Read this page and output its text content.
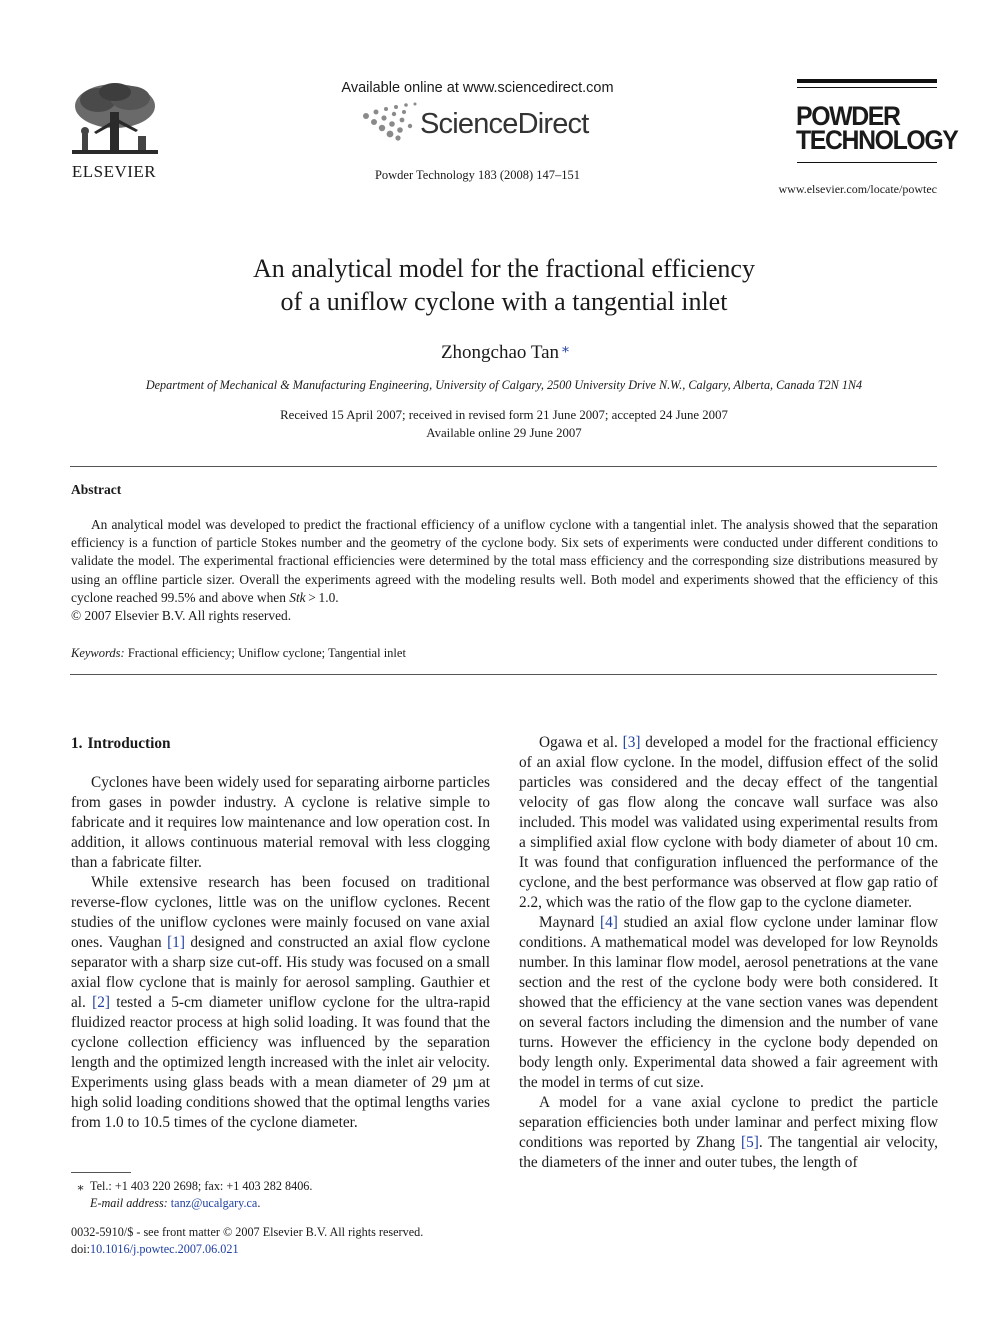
ELSEVIER
Available online at www.sciencedirect.com
ScienceDirect
Powder Technology 183 (2008) 147–151
POWDER
TECHNOLOGY
www.elsevier.com/locate/powtec
An analytical model for the fractional efficiency
of a uniflow cyclone with a tangential inlet
Zhongchao Tan ⁎
Department of Mechanical & Manufacturing Engineering, University of Calgary, 2500 University Drive N.W., Calgary, Alberta, Canada T2N 1N4
Received 15 April 2007; received in revised form 21 June 2007; accepted 24 June 2007
Available online 29 June 2007
Abstract

An analytical model was developed to predict the fractional efficiency of a uniflow cyclone with a tangential inlet. The analysis showed that the separation efficiency is a function of particle Stokes number and the geometry of the cyclone body. Six sets of experiments were conducted under different conditions to validate the model. The experimental fractional efficiencies were determined by the total mass efficiency and the corresponding size distributions measured by using an offline particle sizer. Overall the experiments agreed with the modeling results well. Both model and experiments showed that the efficiency of this cyclone reached 99.5% and above when Stk > 1.0.

© 2007 Elsevier B.V. All rights reserved.

Keywords: Fractional efficiency; Uniflow cyclone; Tangential inlet
1. Introduction

Cyclones have been widely used for separating airborne particles from gases in powder industry. A cyclone is relative simple to fabricate and it requires low maintenance and low operation cost. In addition, it allows continuous material removal with less clogging than a fabricate filter.

While extensive research has been focused on traditional reverse-flow cyclones, little was on the uniflow cyclones. Recent studies of the uniflow cyclones were mainly focused on vane axial ones. Vaughan [1] designed and constructed an axial flow cyclone separator with a sharp size cut-off. His study was focused on a small axial flow cyclone that is mainly for aerosol sampling. Gauthier et al. [2] tested a 5-cm diameter uniflow cyclone for the ultra-rapid fluidized reactor process at high solid loading. It was found that the cyclone collection efficiency was influenced by the separation length and the optimized length increased with the inlet air velocity. Experiments using glass beads with a mean diameter of 29 µm at high solid loading conditions showed that the optimal lengths varies from 1.0 to 10.5 times of the cyclone diameter.

Ogawa et al. [3] developed a model for the fractional efficiency of an axial flow cyclone. In the model, diffusion effect of the solid particles was considered and the decay effect of the tangential velocity of gas flow along the concave wall surface was also included. This model was validated using experimental results from a simplified axial flow cyclone with body diameter of about 10 cm. It was found that configuration influenced the performance of the cyclone, and the best performance was observed at flow gap ratio of 2.2, which was the ratio of the flow gap to the cyclone diameter.

Maynard [4] studied an axial flow cyclone under laminar flow conditions. A mathematical model was developed for low Reynolds number. In this laminar flow model, aerosol penetrations at the vane section and the rest of the cyclone body were both considered. It showed that the efficiency at the vane section vanes was dependent on several factors including the dimension and the number of vane turns. However the efficiency in the cyclone body depended on body length only. Experimental data showed a fair agreement with the model in terms of cut size.

A model for a vane axial cyclone to predict the particle separation efficiencies both under laminar and perfect mixing flow conditions was reported by Zhang [5]. The tangential air velocity, the diameters of the inner and outer tubes, the length of

⁎ Tel.: +1 403 220 2698; fax: +1 403 282 8406.
E-mail address: tanz@ucalgary.ca.
0032-5910/$ - see front matter © 2007 Elsevier B.V. All rights reserved.
doi:10.1016/j.powtec.2007.06.021
